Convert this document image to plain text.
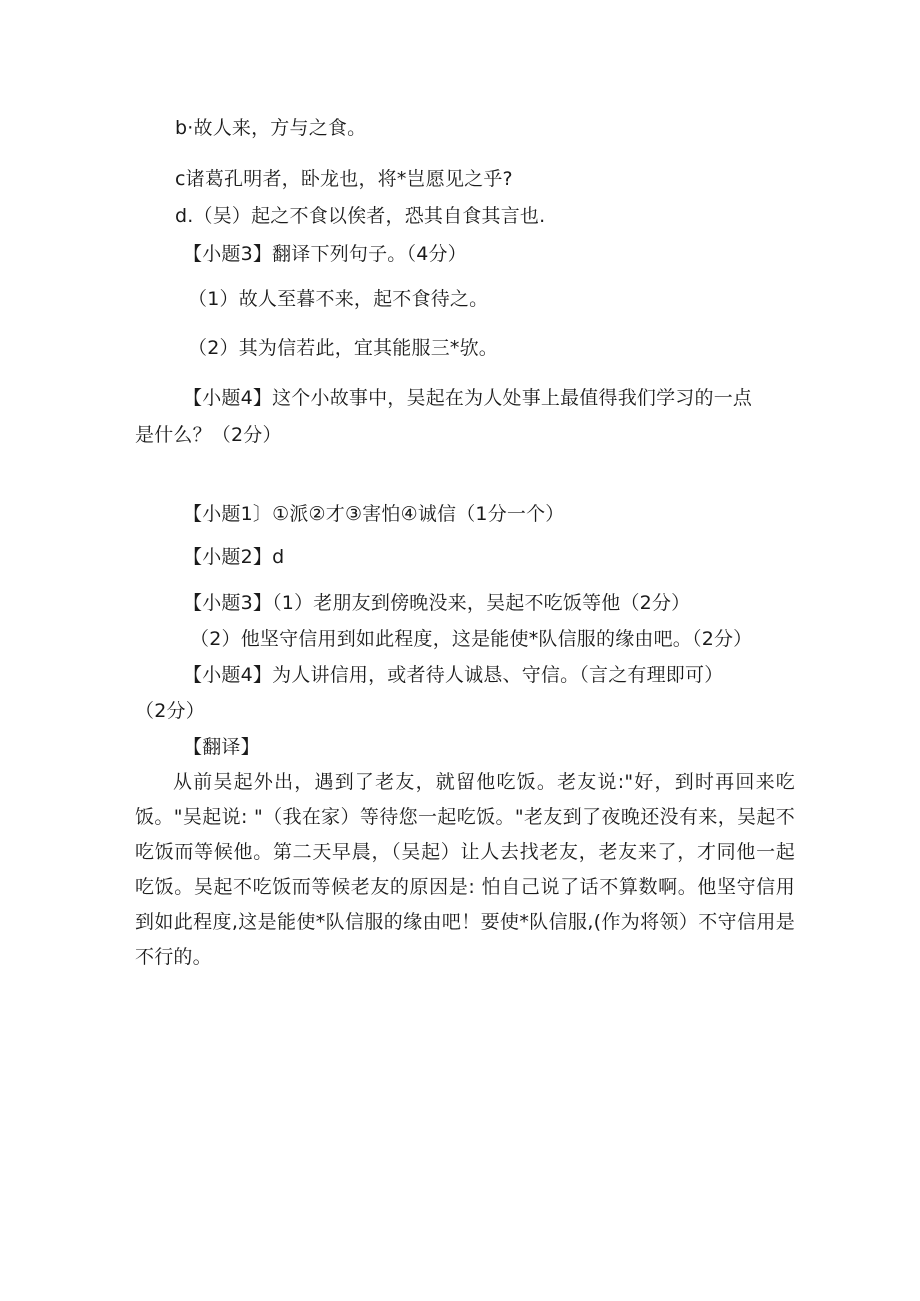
b·故人来，方与之食。
c诸葛孔明者，卧龙也，将*岂愿见之乎?
d.（吴）起之不食以俟者，恐其自食其言也.
【小题3】翻译下列句子。（4分）
（1）故人至暮不来，起不食待之。
（2）其为信若此，宜其能服三*欤。
【小题4】这个小故事中，吴起在为人处事上最值得我们学习的一点
是什么？（2分）
【小题1〕①派②才③害怕④诚信（1分一个）
【小题2】d
【小题3】（1）老朋友到傍晚没来，吴起不吃饭等他（2分）
（2）他坚守信用到如此程度，这是能使*队信服的缘由吧。（2分）
【小题4】为人讲信用，或者待人诚恳、守信。（言之有理即可）
（2分）
【翻译】
从前吴起外出，遇到了老友，就留他吃饭。老友说:"好，到时再回来吃饭。"吴起说: "（我在家）等待您一起吃饭。"老友到了夜晚还没有来，吴起不吃饭而等候他。第二天早晨，（吴起）让人去找老友，老友来了，才同他一起吃饭。吴起不吃饭而等候老友的原因是: 怕自己说了话不算数啊。他坚守信用到如此程度,这是能使*队信服的缘由吧！要使*队信服,(作为将领）不守信用是不行的。
